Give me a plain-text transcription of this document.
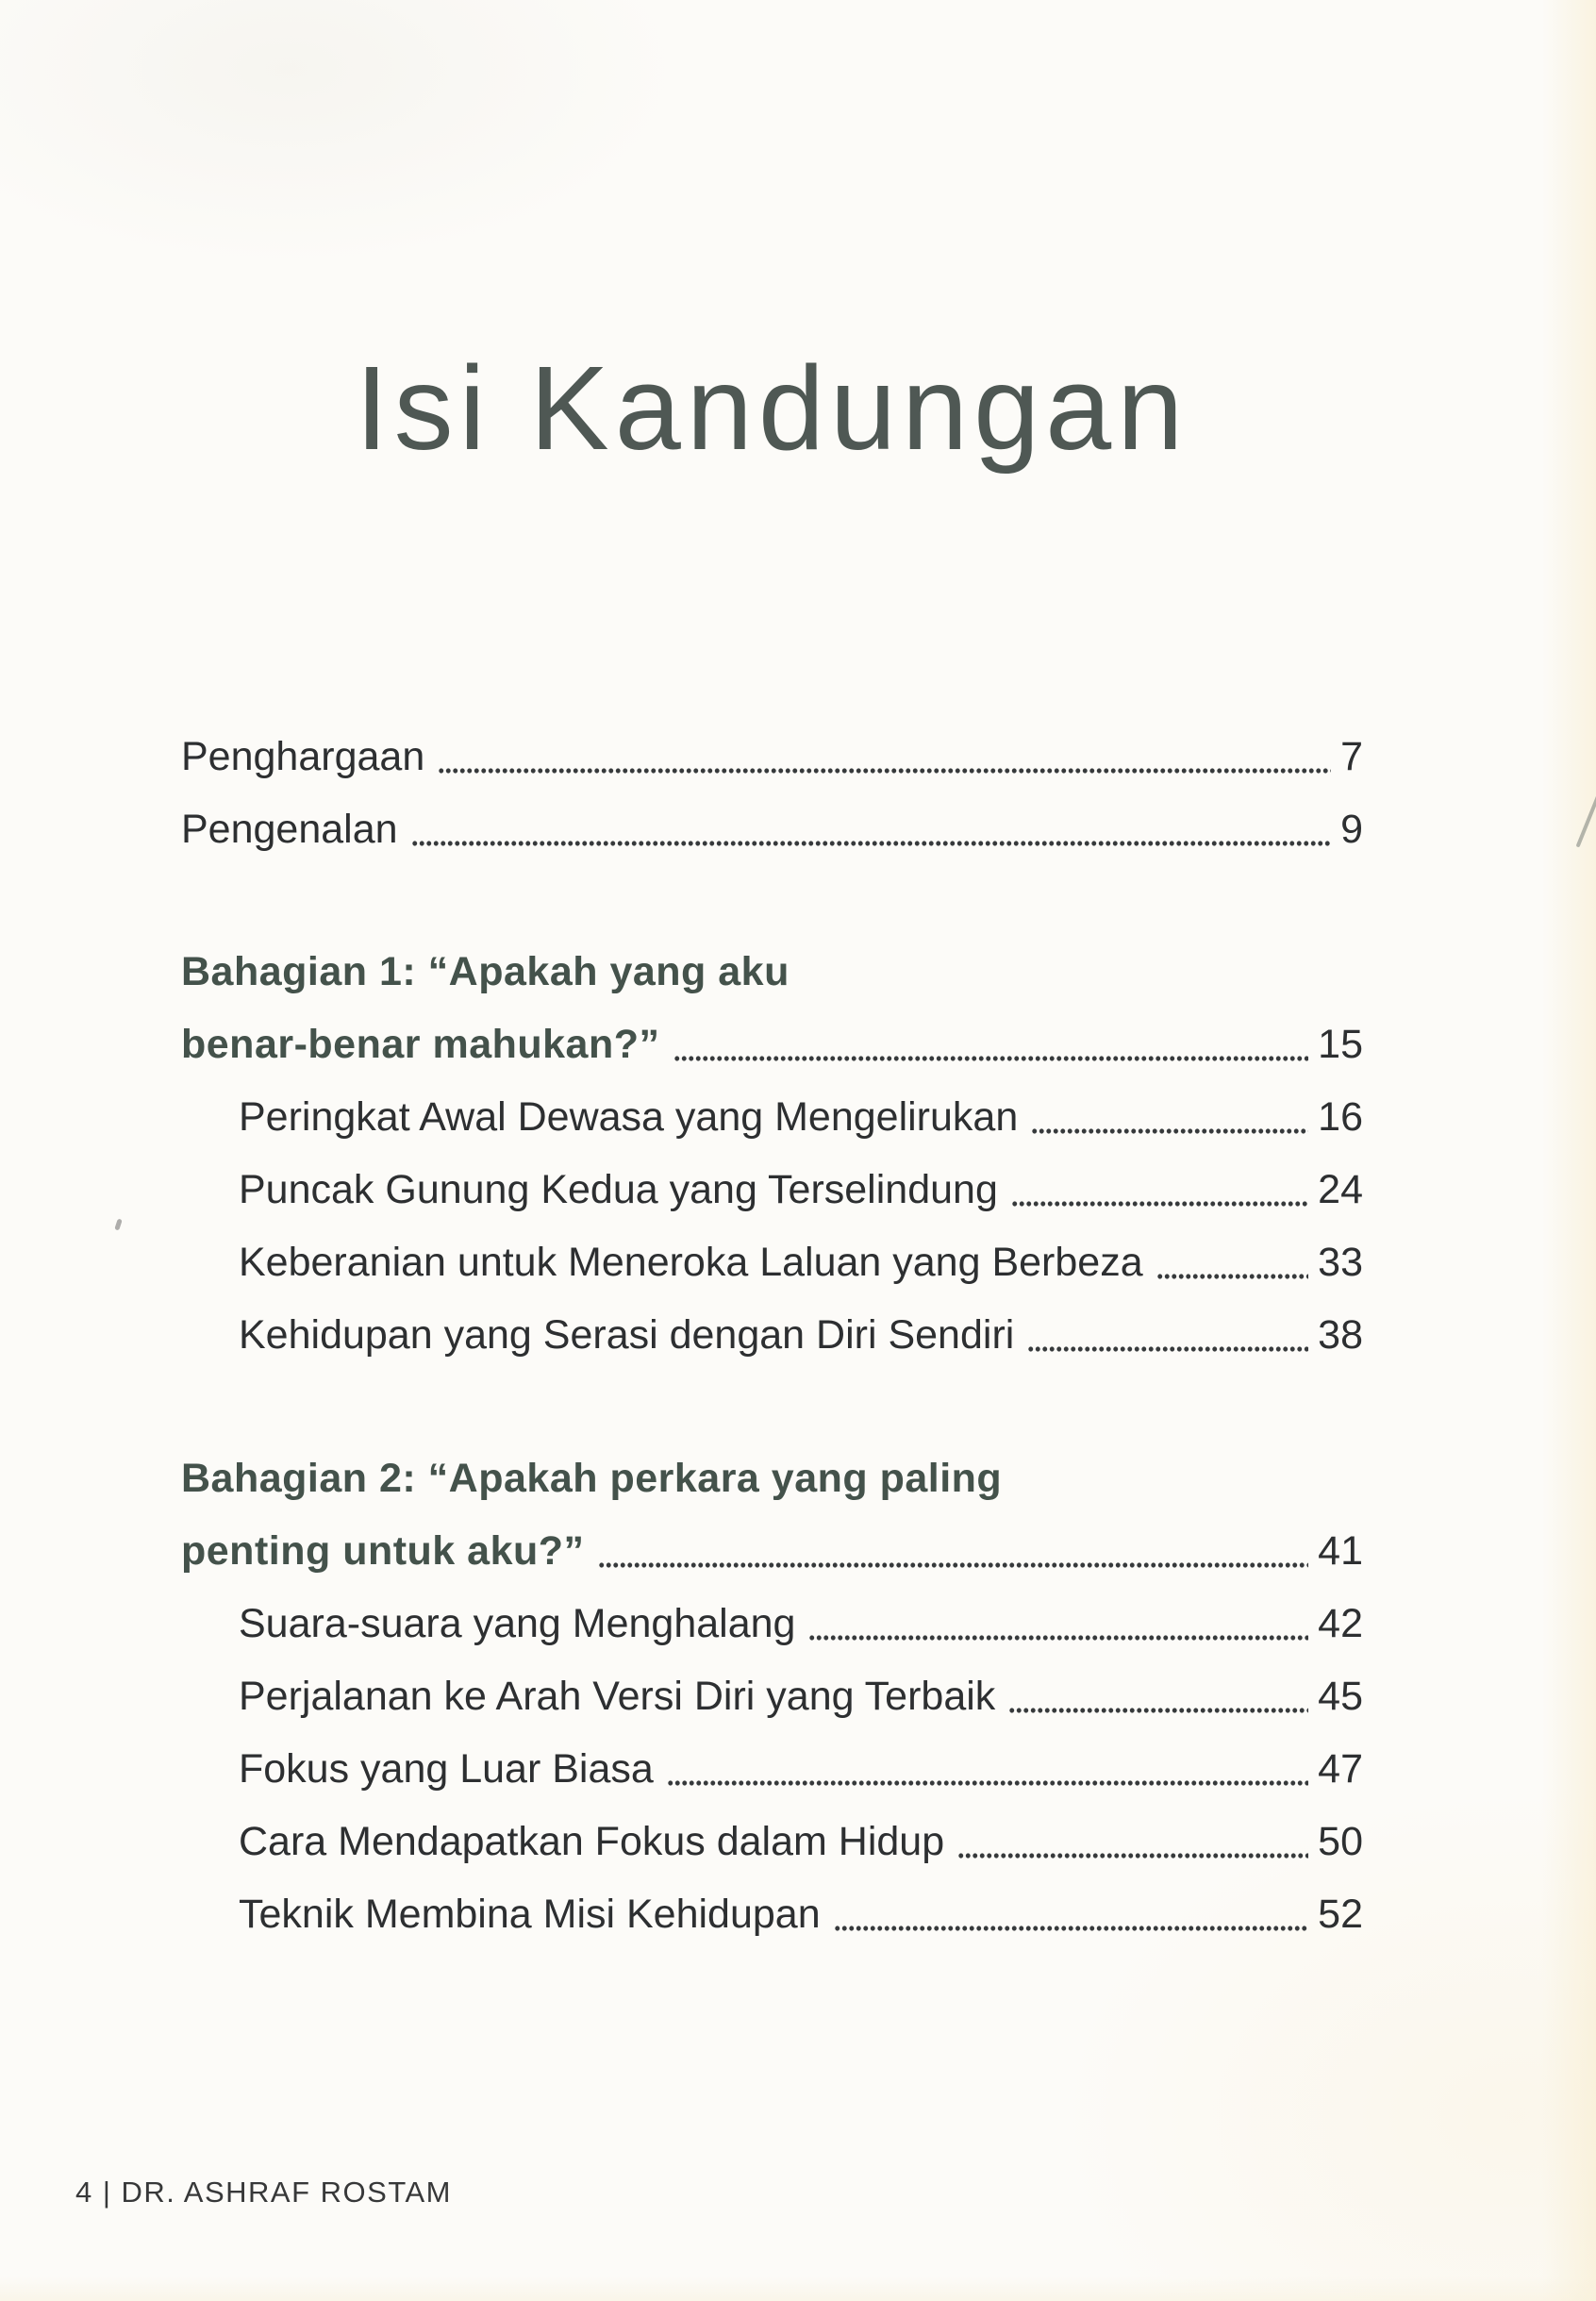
Isi Kandungan
Penghargaan	7
Pengenalan	9
Bahagian 1: “Apakah yang aku
benar-benar mahukan?”	15
Peringkat Awal Dewasa yang Mengelirukan	16
Puncak Gunung Kedua yang Terselindung	24
Keberanian untuk Meneroka Laluan yang Berbeza	33
Kehidupan yang Serasi dengan Diri Sendiri	38
Bahagian 2: “Apakah perkara yang paling
penting untuk aku?”	41
Suara-suara yang Menghalang	42
Perjalanan ke Arah Versi Diri yang Terbaik	45
Fokus yang Luar Biasa	47
Cara Mendapatkan Fokus dalam Hidup	50
Teknik Membina Misi Kehidupan	52
4 | DR. ASHRAF ROSTAM
